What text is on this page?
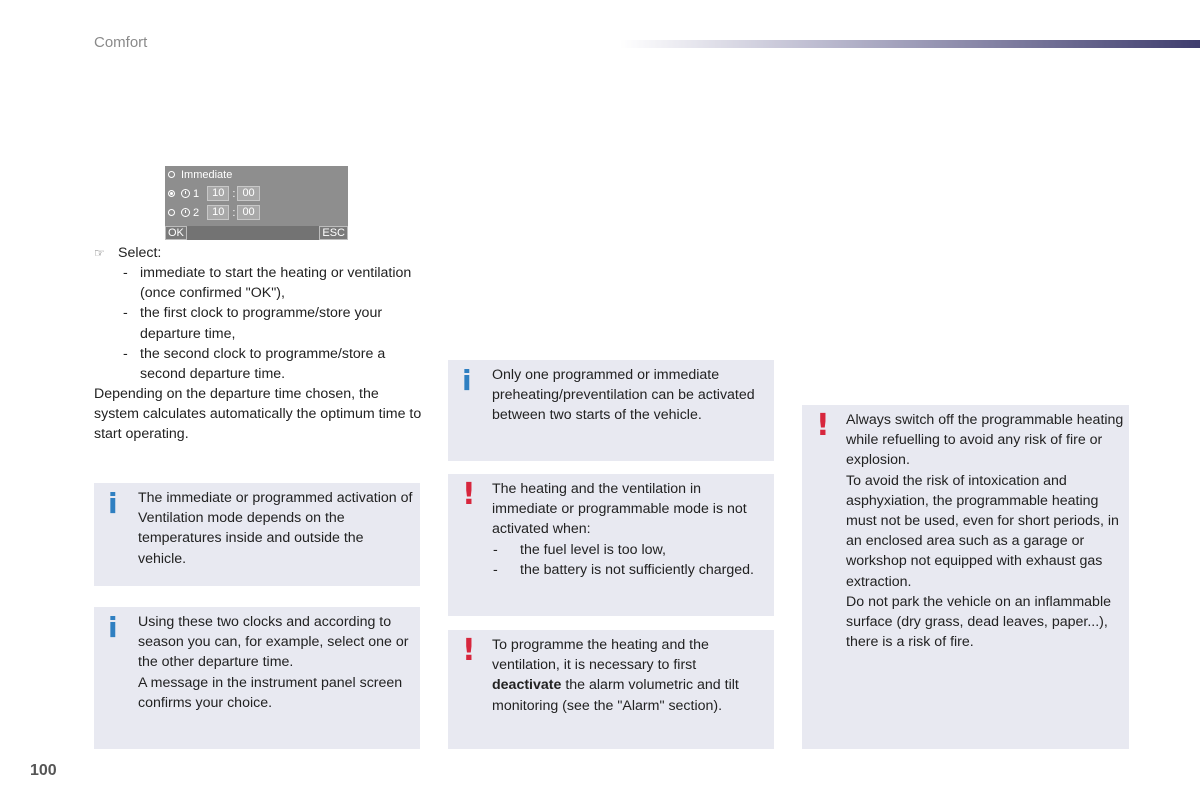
Comfort
Immediate
1	10 : 00
2	10 : 00
OK	ESC
☞ Select:
- immediate to start the heating or ventilation (once confirmed "OK"),
- the first clock to programme/store your departure time,
- the second clock to programme/store a second departure time.
Depending on the departure time chosen, the system calculates automatically the optimum time to start operating.
i The immediate or programmed activation of Ventilation mode depends on the temperatures inside and outside the vehicle.
i Using these two clocks and according to season you can, for example, select one or the other departure time.
A message in the instrument panel screen confirms your choice.
i Only one programmed or immediate preheating/preventilation can be activated between two starts of the vehicle.
! The heating and the ventilation in immediate or programmable mode is not activated when:
- the fuel level is too low,
- the battery is not sufficiently charged.
! To programme the heating and the ventilation, it is necessary to first deactivate the alarm volumetric and tilt monitoring (see the "Alarm" section).
! Always switch off the programmable heating while refuelling to avoid any risk of fire or explosion.
To avoid the risk of intoxication and asphyxiation, the programmable heating must not be used, even for short periods, in an enclosed area such as a garage or workshop not equipped with exhaust gas extraction.
Do not park the vehicle on an inflammable surface (dry grass, dead leaves, paper...), there is a risk of fire.
100
